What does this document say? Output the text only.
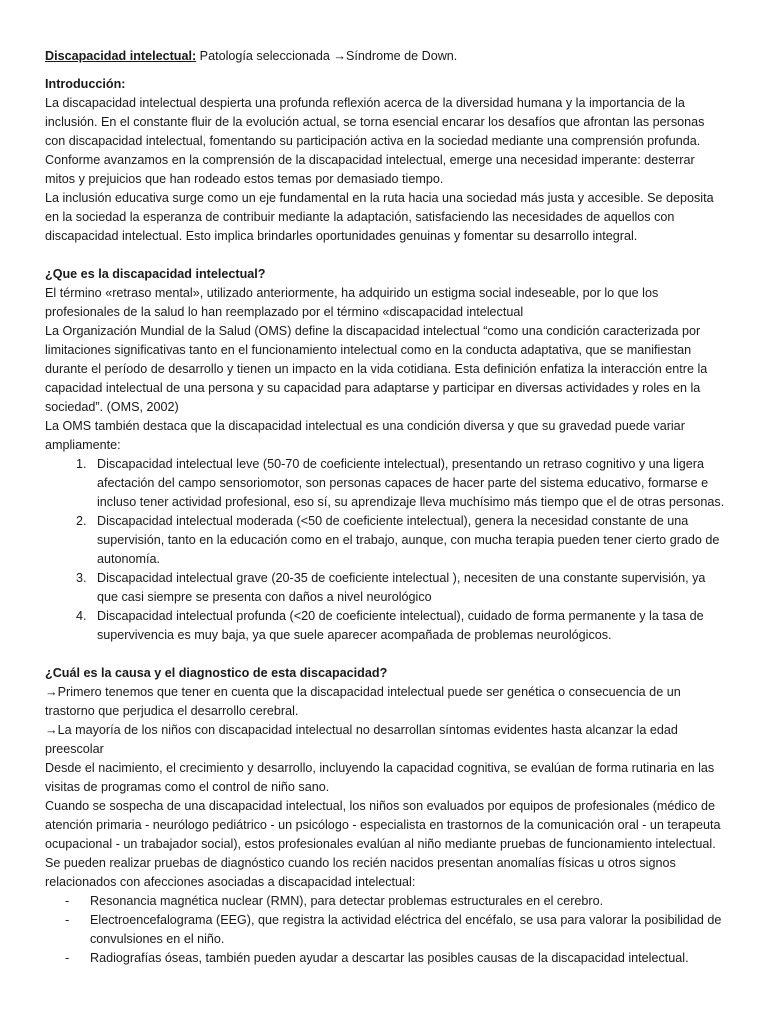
Discapacidad intelectual: Patología seleccionada →Síndrome de Down.

Introducción:

La discapacidad intelectual despierta una profunda reflexión acerca de la diversidad humana y la importancia de la inclusión. En el constante fluir de la evolución actual, se torna esencial encarar los desafíos que afrontan las personas con discapacidad intelectual, fomentando su participación activa en la sociedad mediante una comprensión profunda.

Conforme avanzamos en la comprensión de la discapacidad intelectual, emerge una necesidad imperante: desterrar mitos y prejuicios que han rodeado estos temas por demasiado tiempo.

La inclusión educativa surge como un eje fundamental en la ruta hacia una sociedad más justa y accesible. Se deposita en la sociedad la esperanza de contribuir mediante la adaptación, satisfaciendo las necesidades de aquellos con discapacidad intelectual. Esto implica brindarles oportunidades genuinas y fomentar su desarrollo integral.

¿Que es la discapacidad intelectual?

El término «retraso mental», utilizado anteriormente, ha adquirido un estigma social indeseable, por lo que los profesionales de la salud lo han reemplazado por el término «discapacidad intelectual

La Organización Mundial de la Salud (OMS) define la discapacidad intelectual “como una condición caracterizada por limitaciones significativas tanto en el funcionamiento intelectual como en la conducta adaptativa, que se manifiestan durante el período de desarrollo y tienen un impacto en la vida cotidiana. Esta definición enfatiza la interacción entre la capacidad intelectual de una persona y su capacidad para adaptarse y participar en diversas actividades y roles en la sociedad”. (OMS, 2002)

La OMS también destaca que la discapacidad intelectual es una condición diversa y que su gravedad puede variar ampliamente:

1. Discapacidad intelectual leve (50-70 de coeficiente intelectual), presentando un retraso cognitivo y una ligera afectación del campo sensoriomotor, son personas capaces de hacer parte del sistema educativo, formarse e incluso tener actividad profesional, eso sí, su aprendizaje lleva muchísimo más tiempo que el de otras personas.
2. Discapacidad intelectual moderada (<50 de coeficiente intelectual), genera la necesidad constante de una supervisión, tanto en la educación como en el trabajo, aunque, con mucha terapia pueden tener cierto grado de autonomía.
3. Discapacidad intelectual grave (20-35 de coeficiente intelectual ), necesiten de una constante supervisión, ya que casi siempre se presenta con daños a nivel neurológico
4. Discapacidad intelectual profunda (<20 de coeficiente intelectual), cuidado de forma permanente y la tasa de supervivencia es muy baja, ya que suele aparecer acompañada de problemas neurológicos.

¿Cuál es la causa y el diagnostico de esta discapacidad?

→Primero tenemos que tener en cuenta que la discapacidad intelectual puede ser genética o consecuencia de un trastorno que perjudica el desarrollo cerebral.

→La mayoría de los niños con discapacidad intelectual no desarrollan síntomas evidentes hasta alcanzar la edad preescolar

Desde el nacimiento, el crecimiento y desarrollo, incluyendo la capacidad cognitiva, se evalúan de forma rutinaria en las visitas de programas como el control de niño sano.

Cuando se sospecha de una discapacidad intelectual, los niños son evaluados por equipos de profesionales (médico de atención primaria - neurólogo pediátrico - un psicólogo - especialista en trastornos de la comunicación oral - un terapeuta ocupacional - un trabajador social), estos profesionales evalúan al niño mediante pruebas de funcionamiento intelectual.

Se pueden realizar pruebas de diagnóstico cuando los recién nacidos presentan anomalías físicas u otros signos relacionados con afecciones asociadas a discapacidad intelectual:

- Resonancia magnética nuclear (RMN), para detectar problemas estructurales en el cerebro.
- Electroencefalograma (EEG), que registra la actividad eléctrica del encéfalo, se usa para valorar la posibilidad de convulsiones en el niño.
- Radiografías óseas, también pueden ayudar a descartar las posibles causas de la discapacidad intelectual.
